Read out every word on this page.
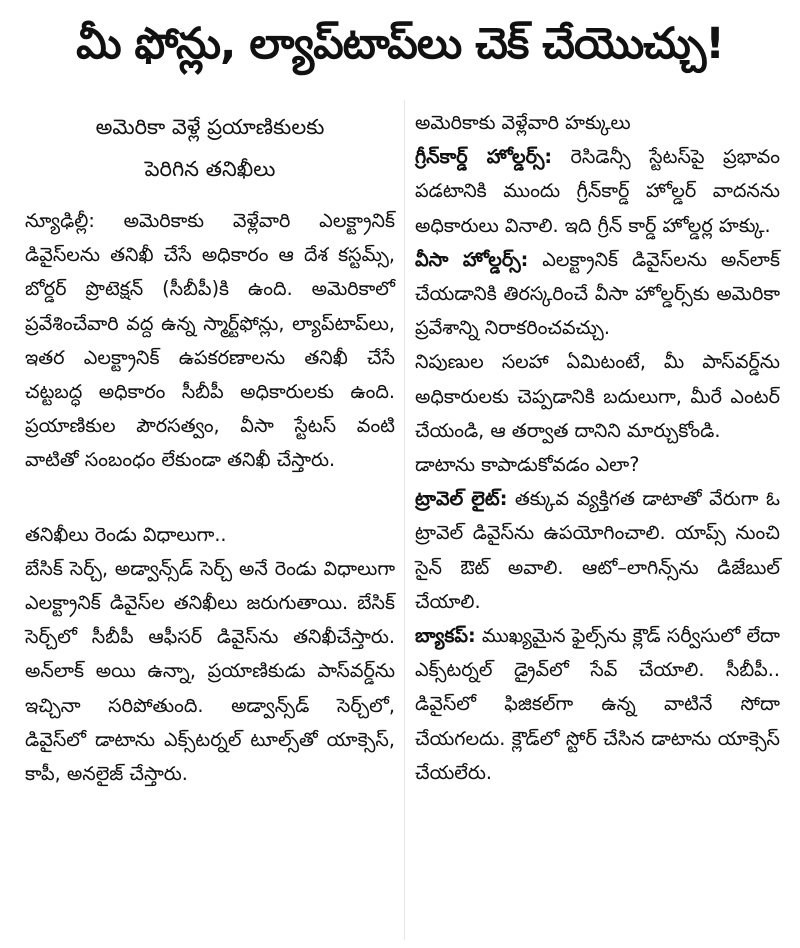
మీ ఫోన్లు, ల్యాప్‌టాప్‌లు చెక్ చేయొచ్చు!
అమెరికా వెళ్లే ప్రయాణికులకు
పెరిగిన తనిఖీలు

న్యూఢిల్లీ: అమెరికాకు వెళ్లేవారి ఎలక్ట్రానిక్ డివైస్‌లను తనిఖీ చేసే అధికారం ఆ దేశ కస్టమ్స్, బోర్డర్ ప్రొటెక్షన్ (సీబీపీ)కి ఉంది. అమెరికాలో ప్రవేశించేవారి వద్ద ఉన్న స్మార్ట్‌ఫోన్లు, ల్యాప్‌టాప్‌లు, ఇతర ఎలక్ట్రానిక్ ఉపకరణాలను తనిఖీ చేసే చట్టబద్ధ అధికారం సీబీపీ అధికారులకు ఉంది. ప్రయాణికుల పౌరసత్వం, వీసా స్టేటస్ వంటి వాటితో సంబంధం లేకుండా తనిఖీ చేస్తారు.

తనిఖీలు రెండు విధాలుగా..

బేసిక్ సెర్చ్, అడ్వాన్స్‌డ్ సెర్చ్ అనే రెండు విధాలుగా ఎలక్ట్రానిక్ డివైస్‌ల తనిఖీలు జరుగుతాయి. బేసిక్ సెర్చ్‌లో సీబీపీ ఆఫీసర్ డివైస్‌ను తనిఖీచేస్తారు. అన్‌లాక్ అయి ఉన్నా, ప్రయాణికుడు పాస్‌వర్డ్‌ను ఇచ్చినా సరిపోతుంది. అడ్వాన్స్‌డ్ సెర్చ్‌లో, డివైస్‌లో డాటాను ఎక్స్‌టర్నల్ టూల్స్‌తో యాక్సెస్, కాపీ, అనలైజ్ చేస్తారు.

అమెరికాకు వెళ్లేవారి హక్కులు

గ్రీన్‌కార్డ్ హోల్డర్స్: రెసిడెన్సీ స్టేటస్‌పై ప్రభావం పడటానికి ముందు గ్రీన్‌కార్డ్ హోల్డర్ వాదనను అధికారులు వినాలి. ఇది గ్రీన్ కార్డ్ హోల్డర్ల హక్కు.

వీసా హోల్డర్స్: ఎలక్ట్రానిక్ డివైస్‌లను అన్‌లాక్ చేయడానికి తిరస్కరించే వీసా హోల్డర్స్‌కు అమెరికా ప్రవేశాన్ని నిరాకరించవచ్చు.

నిపుణుల సలహా ఏమిటంటే, మీ పాస్‌వర్డ్‌ను అధికారులకు చెప్పడానికి బదులుగా, మీరే ఎంటర్ చేయండి, ఆ తర్వాత దానిని మార్చుకోండి.

డాటాను కాపాడుకోవడం ఎలా?

ట్రావెల్ లైట్: తక్కువ వ్యక్తిగత డాటాతో వేరుగా ఓ ట్రావెల్ డివైస్‌ను ఉపయోగించాలి. యాప్స్ నుంచి సైన్ ఔట్ అవాలి. ఆటో–లాగిన్స్‌ను డిజేబుల్ చేయాలి.

బ్యాకప్: ముఖ్యమైన ఫైల్స్‌ను క్లౌడ్ సర్వీసులో లేదా ఎక్స్‌టర్నల్ డ్రైవ్‌లో సేవ్ చేయాలి. సీబీపీ.. డివైస్‌లో ఫిజికల్‌గా ఉన్న వాటినే సోదా చేయగలదు. క్లౌడ్‌లో స్టోర్ చేసిన డాటాను యాక్సెస్ చేయలేరు.
